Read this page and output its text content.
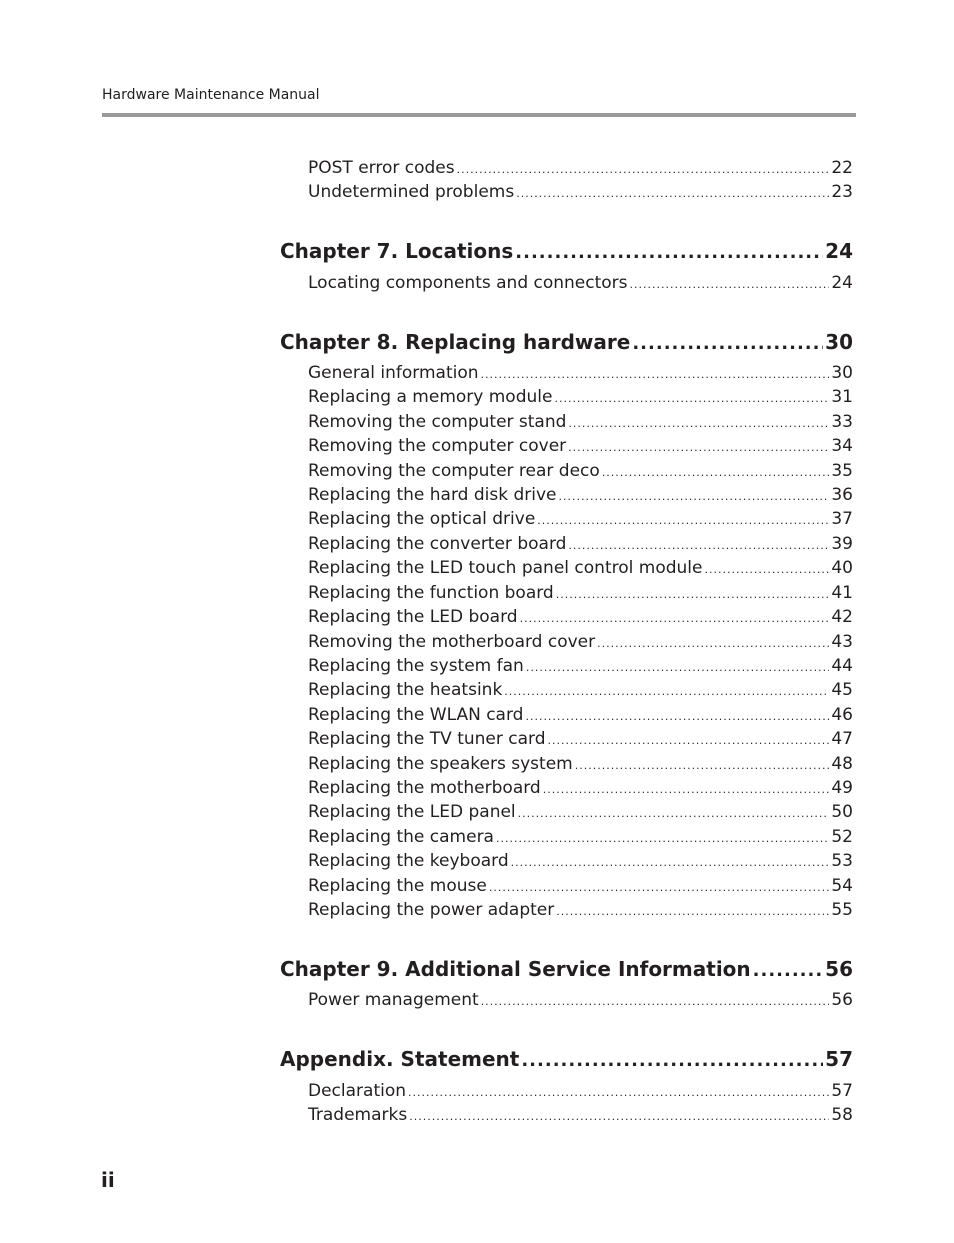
Hardware Maintenance Manual
POST error codes .....	22
Undetermined problems .....	23
Chapter 7. Locations .....	24
Locating components and connectors .....	24
Chapter 8. Replacing hardware .....	30
General information .....	30
Replacing a memory module .....	31
Removing the computer stand .....	33
Removing the computer cover .....	34
Removing the computer rear deco .....	35
Replacing the hard disk drive .....	36
Replacing the optical drive .....	37
Replacing the converter board .....	39
Replacing the LED touch panel control module .....	40
Replacing the function board .....	41
Replacing the LED board .....	42
Removing the motherboard cover .....	43
Replacing the system fan .....	44
Replacing the heatsink .....	45
Replacing the WLAN card .....	46
Replacing the TV tuner card .....	47
Replacing the speakers system .....	48
Replacing the motherboard .....	49
Replacing the LED panel .....	50
Replacing the camera .....	52
Replacing the keyboard .....	53
Replacing the mouse .....	54
Replacing the power adapter .....	55
Chapter 9. Additional Service Information .....	56
Power management .....	56
Appendix. Statement .....	57
Declaration .....	57
Trademarks .....	58
ii
